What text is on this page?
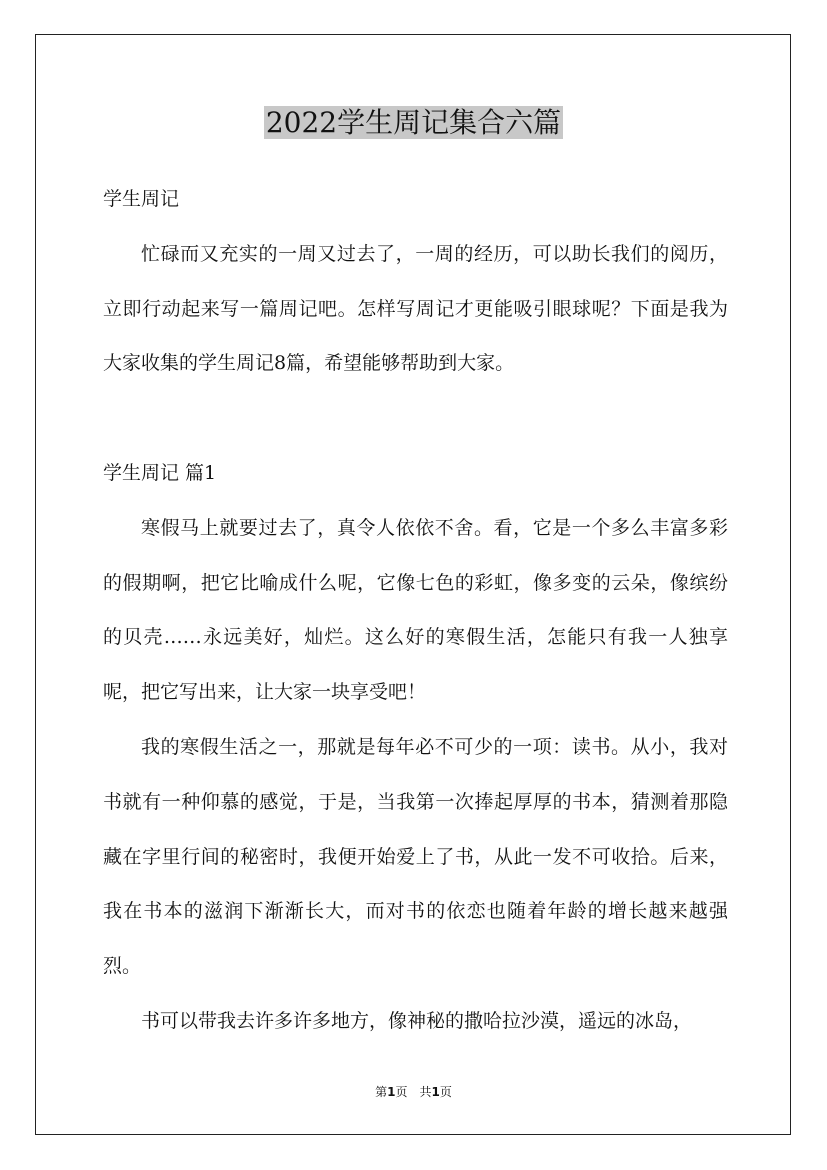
2022学生周记集合六篇

学生周记

忙碌而又充实的一周又过去了，一周的经历，可以助长我们的阅历，立即行动起来写一篇周记吧。怎样写周记才更能吸引眼球呢？下面是我为大家收集的学生周记8篇，希望能够帮助到大家。

学生周记 篇1

寒假马上就要过去了，真令人依依不舍。看，它是一个多么丰富多彩的假期啊，把它比喻成什么呢，它像七色的彩虹，像多变的云朵，像缤纷的贝壳……永远美好，灿烂。这么好的寒假生活，怎能只有我一人独享呢，把它写出来，让大家一块享受吧！

我的寒假生活之一，那就是每年必不可少的一项：读书。从小，我对书就有一种仰慕的感觉，于是，当我第一次捧起厚厚的书本，猜测着那隐藏在字里行间的秘密时，我便开始爱上了书，从此一发不可收拾。后来，我在书本的滋润下渐渐长大，而对书的依恋也随着年龄的增长越来越强烈。

书可以带我去许多许多地方，像神秘的撒哈拉沙漠，遥远的冰岛，

第1页　共1页
